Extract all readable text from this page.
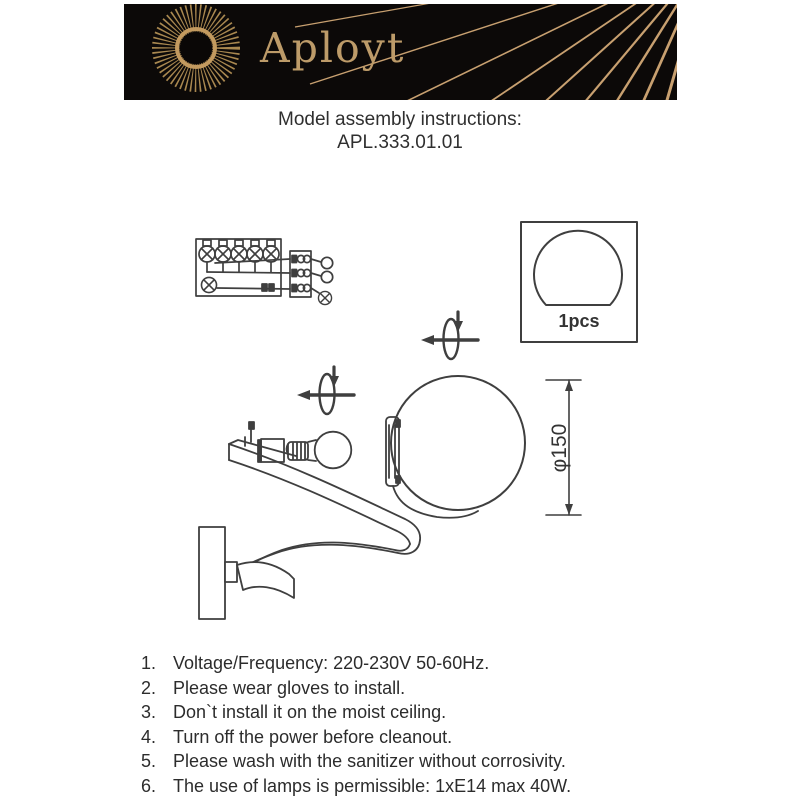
Aployt
Model assembly instructions:
APL.333.01.01
1pcs
φ150
1. Voltage/Frequency: 220-230V 50-60Hz.
2. Please wear gloves to install.
3. Don`t install it on the moist ceiling.
4. Turn off the power before cleanout.
5. Please wash with the sanitizer without corrosivity.
6. The use of lamps is permissible: 1xE14 max 40W.
